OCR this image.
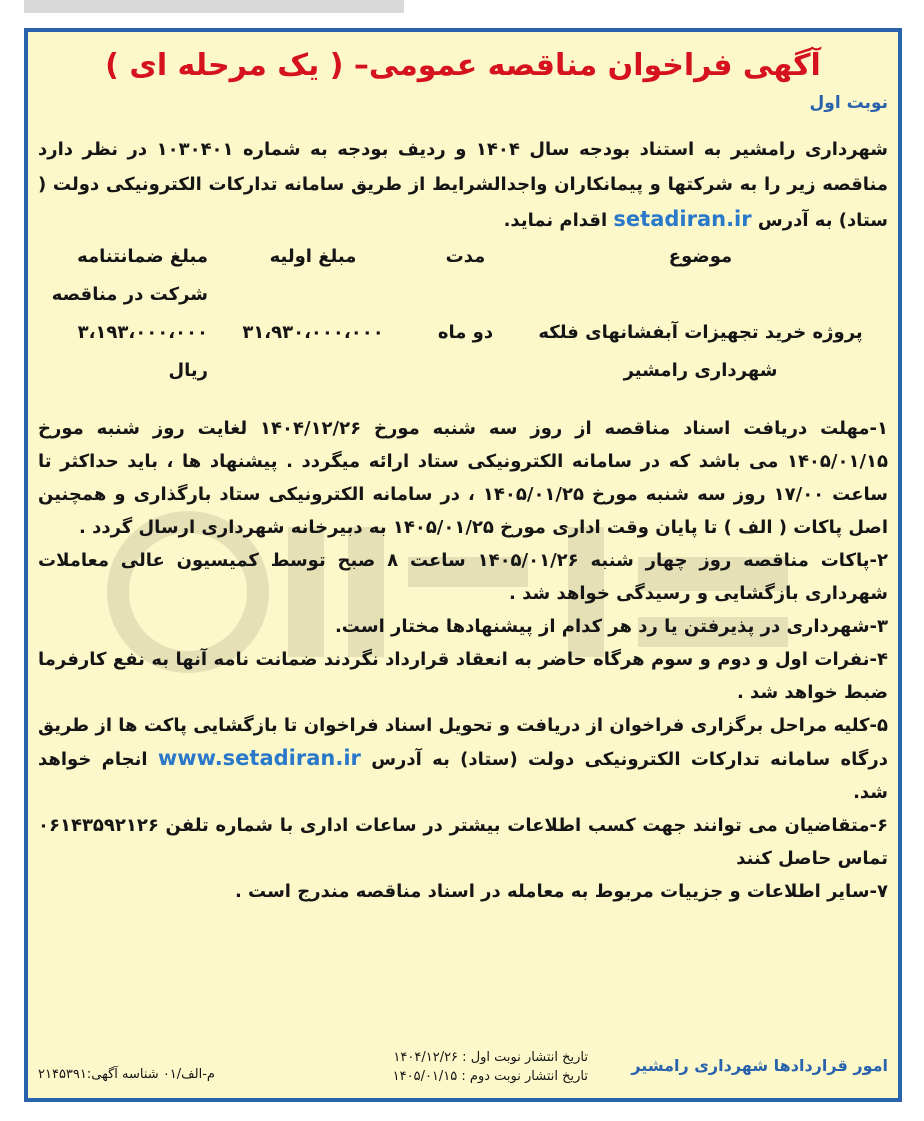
آگهی فراخوان مناقصه عمومی– ( یک مرحله ای )
نوبت اول
شهرداری رامشیر به استناد بودجه سال ۱۴۰۴ و ردیف بودجه به شماره ۱۰۳۰۴۰۱ در نظر دارد مناقصه زیر را به شرکتها و پیمانکاران واجدالشرایط از طریق سامانه تدارکات الکترونیکی دولت ( ستاد) به آدرس setadiran.ir اقدام نماید.
موضوع	مدت	مبلغ اولیه	مبلغ ضمانتنامه شرکت در مناقصه
پروژه خرید تجهیزات آبفشانهای فلکه شهرداری رامشیر	دو ماه	۳۱،۹۳۰،۰۰۰،۰۰۰	۳،۱۹۳،۰۰۰،۰۰۰ ریال
۱-مهلت دریافت اسناد مناقصه از روز سه شنبه مورخ ۱۴۰۴/۱۲/۲۶ لغایت روز شنبه مورخ ۱۴۰۵/۰۱/۱۵ می باشد که در سامانه الکترونیکی ستاد ارائه میگردد . پیشنهاد ها ، باید حداکثر تا ساعت ۱۷/۰۰ روز سه شنبه مورخ ۱۴۰۵/۰۱/۲۵ ، در سامانه الکترونیکی ستاد بارگذاری و همچنین اصل پاکات ( الف ) تا پایان وقت اداری مورخ ۱۴۰۵/۰۱/۲۵ به دبیرخانه شهرداری ارسال گردد .
۲-پاکات مناقصه روز چهار شنبه ۱۴۰۵/۰۱/۲۶ ساعت ۸ صبح توسط کمیسیون عالی معاملات شهرداری بازگشایی و رسیدگی خواهد شد .
۳-شهرداری در پذیرفتن یا رد هر کدام از پیشنهادها مختار است.
۴-نفرات اول و دوم و سوم هرگاه حاضر به انعقاد قرارداد نگردند ضمانت نامه آنها به نفع کارفرما ضبط خواهد شد .
۵-کلیه مراحل برگزاری فراخوان از دریافت و تحویل اسناد فراخوان تا بازگشایی پاکت ها از طریق درگاه سامانه تدارکات الکترونیکی دولت (ستاد) به آدرس www.setadiran.ir انجام خواهد شد.
۶-متقاضیان می توانند جهت کسب اطلاعات بیشتر در ساعات اداری با شماره تلفن ۰۶۱۴۳۵۹۲۱۲۶ تماس حاصل کنند
۷-سایر اطلاعات و جزییات مربوط به معامله در اسناد مناقصه مندرج است .
امور قراردادها شهرداری رامشیر
تاریخ انتشار نوبت اول : ۱۴۰۴/۱۲/۲۶
تاریخ انتشار نوبت دوم : ۱۴۰۵/۰۱/۱۵
م-الف/۰۱ شناسه آگهی:۲۱۴۵۳۹۱
